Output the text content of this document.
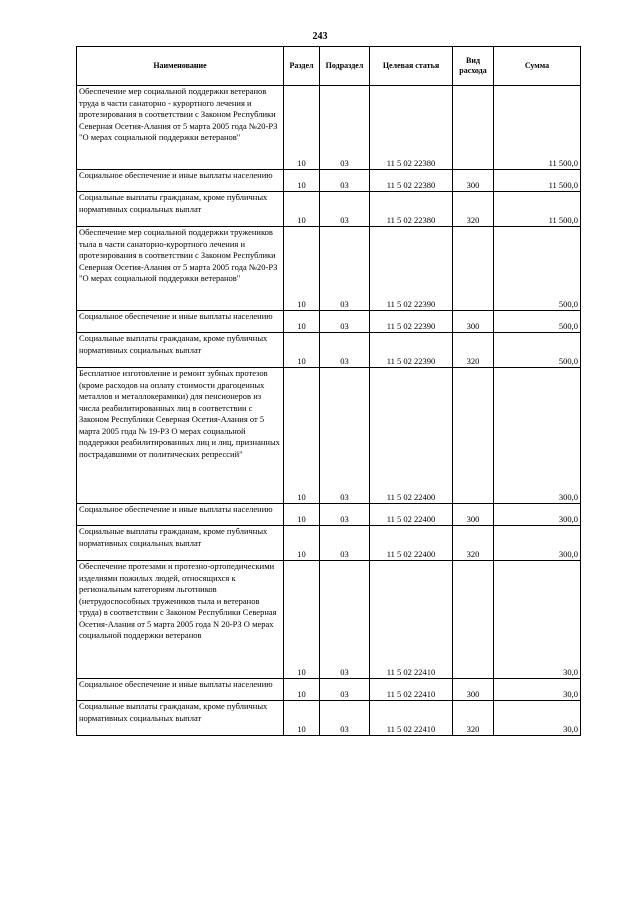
243
Наименование	Раздел	Подраздел	Целевая статья	Вид расхода	Сумма
Обеспечение мер социальной поддержки ветеранов труда в части санаторно - курортного лечения и протезирования в соответствии с Законом Республики Северная Осетия-Алания от 5 марта 2005 года №20-РЗ "О мерах социальной поддержки ветеранов"	10	03	11 5 02 22380		11 500,0
Социальное обеспечение и иные выплаты населению	10	03	11 5 02 22380	300	11 500,0
Социальные выплаты гражданам, кроме публичных нормативных социальных выплат	10	03	11 5 02 22380	320	11 500,0
Обеспечение мер социальной поддержки тружеников тыла в части санаторно-курортного лечения и протезирования в соответствии с Законом Республики Северная Осетия-Алания от 5 марта 2005 года №20-РЗ "О мерах социальной поддержки ветеранов"	10	03	11 5 02 22390		500,0
Социальное обеспечение и иные выплаты населению	10	03	11 5 02 22390	300	500,0
Социальные выплаты гражданам, кроме публичных нормативных социальных выплат	10	03	11 5 02 22390	320	500,0
Бесплатное изготовление и ремонт зубных протезов (кроме расходов на оплату стоимости драгоценных металлов и металлокерамики) для пенсионеров из числа реабилитированных лиц в соответствии с Законом Республики Северная Осетия-Алания от 5 марта 2005 года № 19-РЗ О мерах социальной поддержки реабилитированных лиц и лиц, признанных пострадавшими от политических репрессий"	10	03	11 5 02 22400		300,0
Социальное обеспечение и иные выплаты населению	10	03	11 5 02 22400	300	300,0
Социальные выплаты гражданам, кроме публичных нормативных социальных выплат	10	03	11 5 02 22400	320	300,0
Обеспечение протезами и протезно-ортопедическими изделиями пожилых людей, относящихся к региональным категориям льготников (нетрудоспособных тружеников тыла и ветеранов труда) в соответствии с Законом Республики Северная Осетия-Алания от 5 марта 2005 года N 20-РЗ О мерах социальной поддержки ветеранов	10	03	11 5 02 22410		30,0
Социальное обеспечение и иные выплаты населению	10	03	11 5 02 22410	300	30,0
Социальные выплаты гражданам, кроме публичных нормативных социальных выплат	10	03	11 5 02 22410	320	30,0
